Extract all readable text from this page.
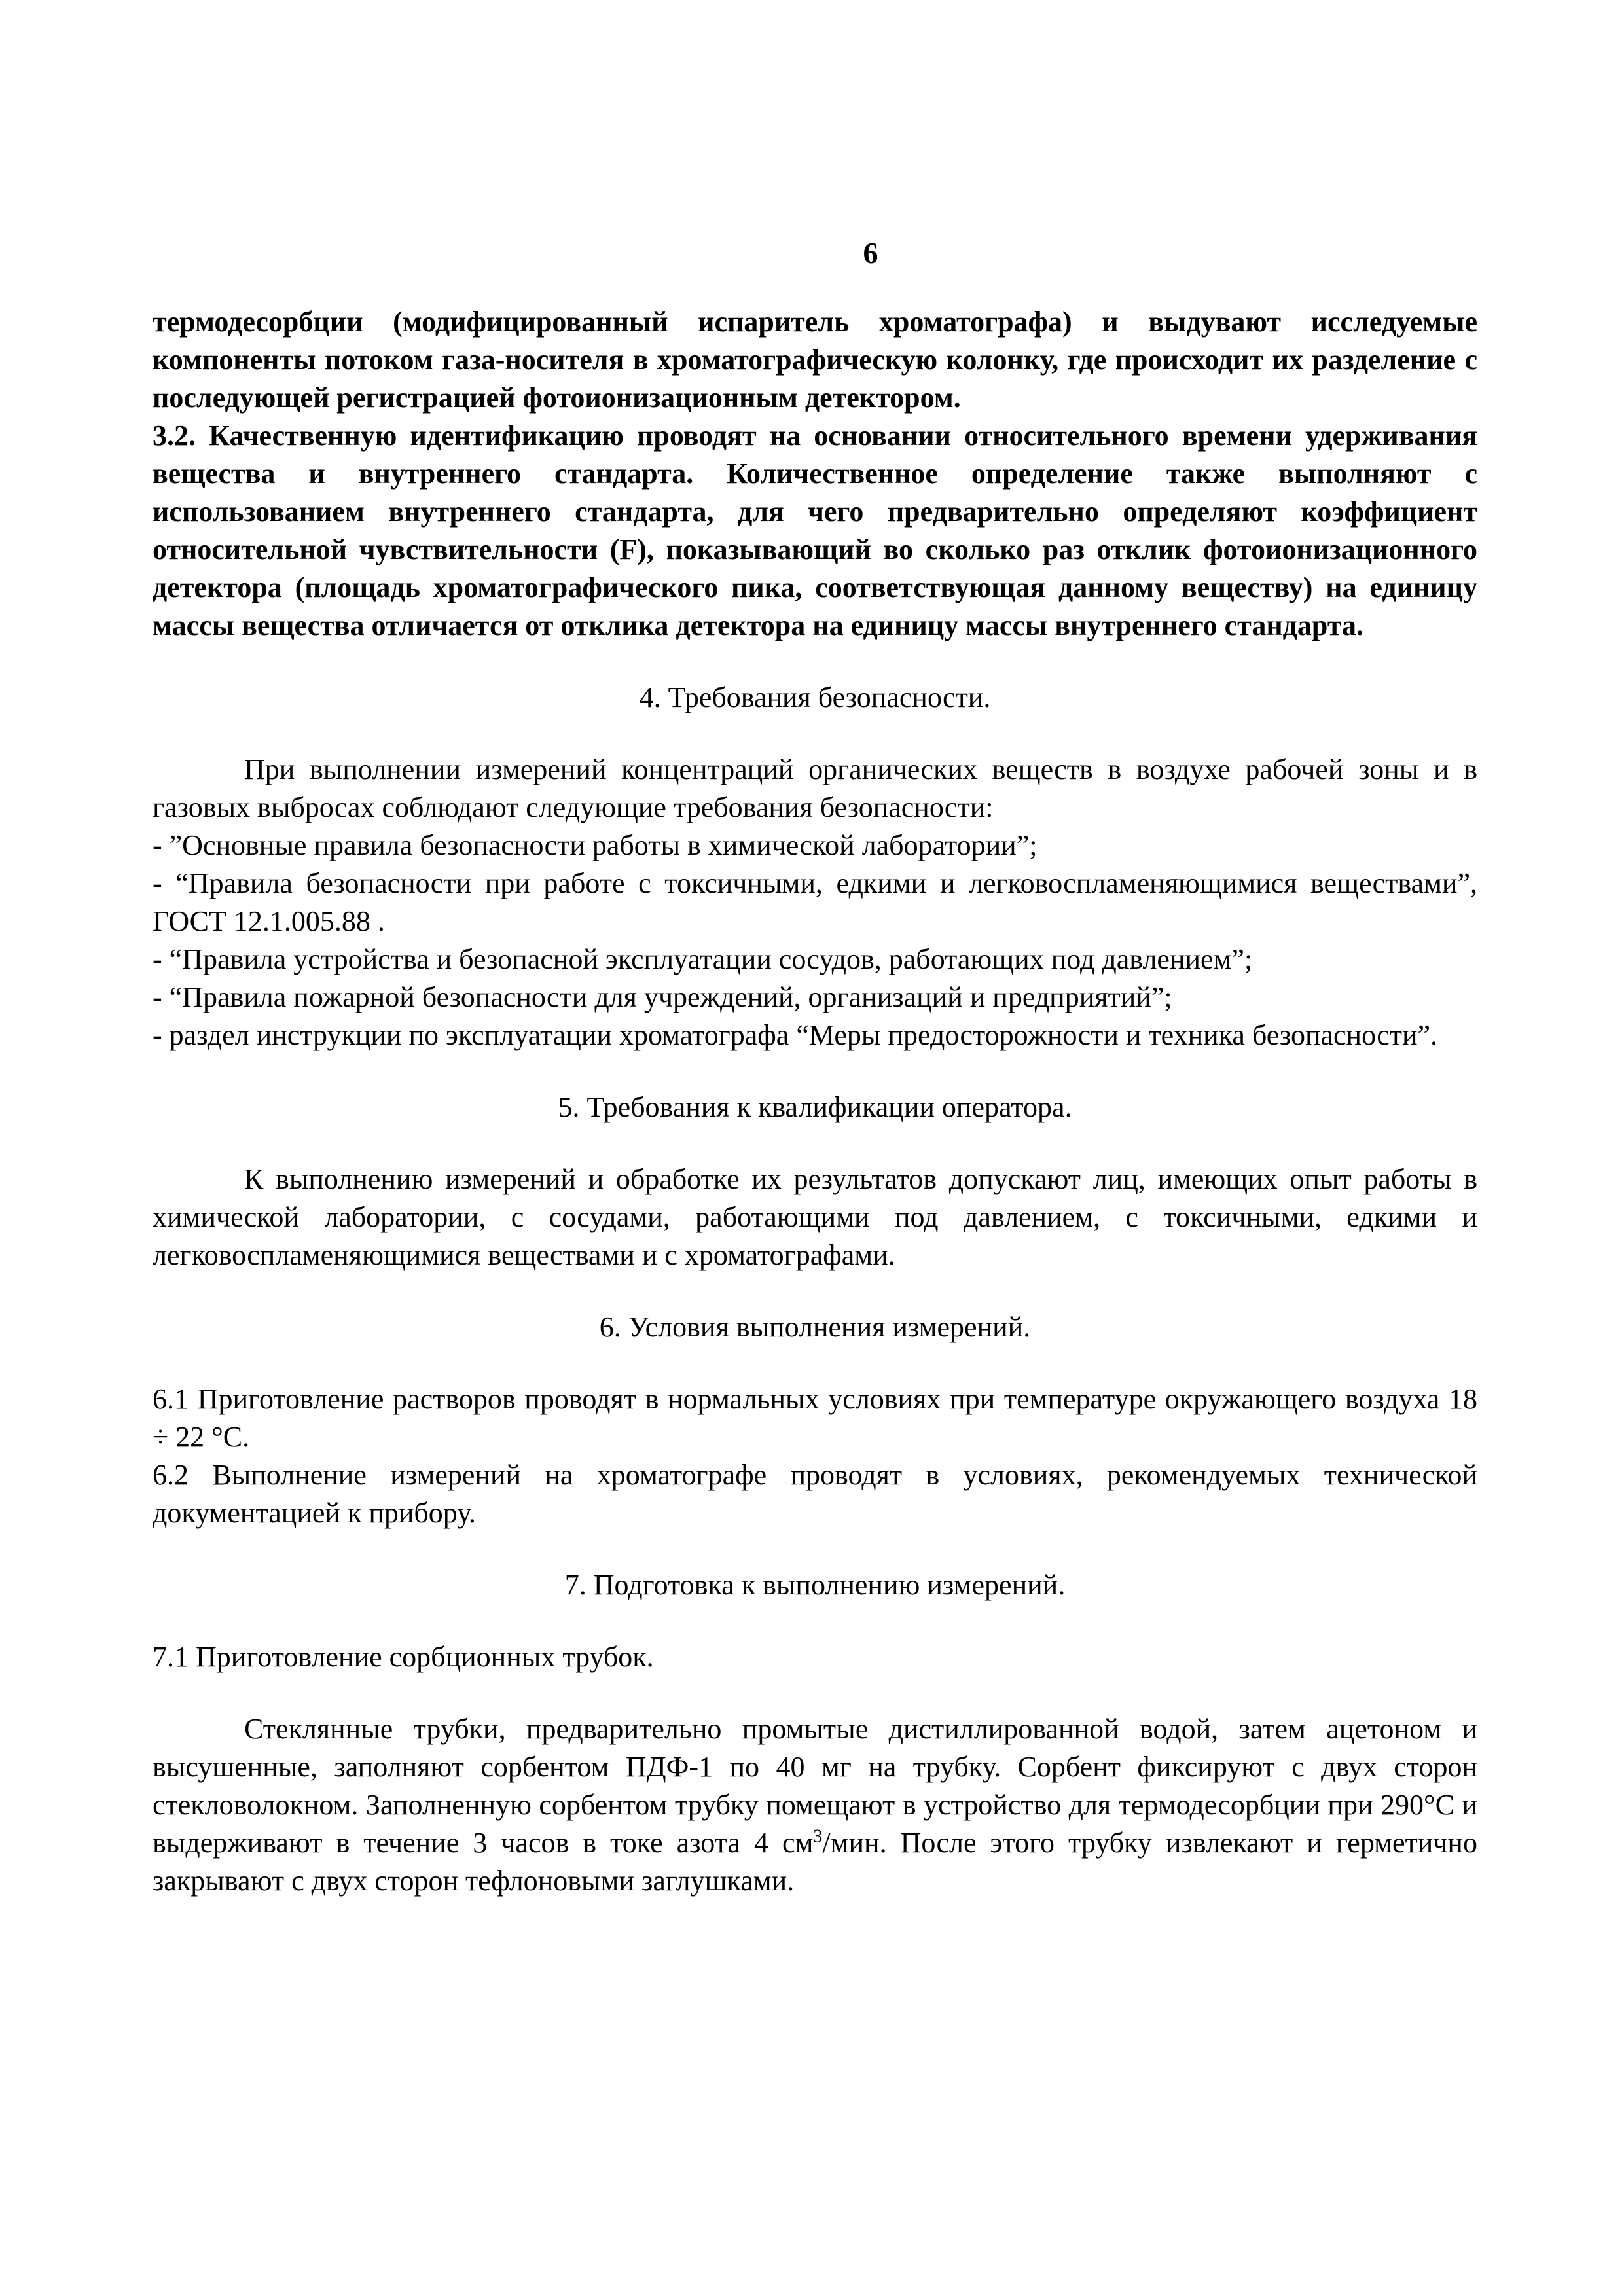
6

термодесорбции (модифицированный испаритель хроматографа) и выдувают исследуемые компоненты потоком газа-носителя в хроматографическую колонку, где происходит их разделение с последующей регистрацией фотоионизационным детектором.

3.2. Качественную идентификацию проводят на основании относительного времени удерживания вещества и внутреннего стандарта. Количественное определение также выполняют с использованием внутреннего стандарта, для чего предварительно определяют коэффициент относительной чувствительности (F), показывающий во сколько раз отклик фотоионизационного детектора (площадь хроматографического пика, соответствующая данному веществу) на единицу массы вещества отличается от отклика детектора на единицу массы внутреннего стандарта.

4. Требования безопасности.

При выполнении измерений концентраций органических веществ в воздухе рабочей зоны и в газовых выбросах соблюдают следующие требования безопасности:

- ”Основные правила безопасности работы в химической лаборатории”;

- “Правила безопасности при работе с токсичными, едкими и легковоспламеняющимися веществами”, ГОСТ 12.1.005.88 .

- “Правила устройства и безопасной эксплуатации сосудов, работающих под давлением”;

- “Правила пожарной безопасности для учреждений, организаций и предприятий”;

- раздел инструкции по эксплуатации хроматографа “Меры предосторожности и техника безопасности”.

5. Требования к квалификации оператора.

К выполнению измерений и обработке их результатов допускают лиц, имеющих опыт работы в химической лаборатории, с сосудами, работающими под давлением, с токсичными, едкими и легковоспламеняющимися веществами и с хроматографами.

6. Условия выполнения измерений.

6.1 Приготовление растворов проводят в нормальных условиях при температуре окружающего воздуха 18 ÷ 22 °С.

6.2 Выполнение измерений на хроматографе проводят в условиях, рекомендуемых технической документацией к прибору.

7. Подготовка к выполнению измерений.

7.1 Приготовление сорбционных трубок.

Стеклянные трубки, предварительно промытые дистиллированной водой, затем ацетоном и высушенные, заполняют сорбентом ПДФ-1 по 40 мг на трубку. Сорбент фиксируют с двух сторон стекловолокном. Заполненную сорбентом трубку помещают в устройство для термодесорбции при 290°С и выдерживают в течение 3 часов в токе азота 4 $см^3$/мин. После этого трубку извлекают и герметично закрывают с двух сторон тефлоновыми заглушками.
